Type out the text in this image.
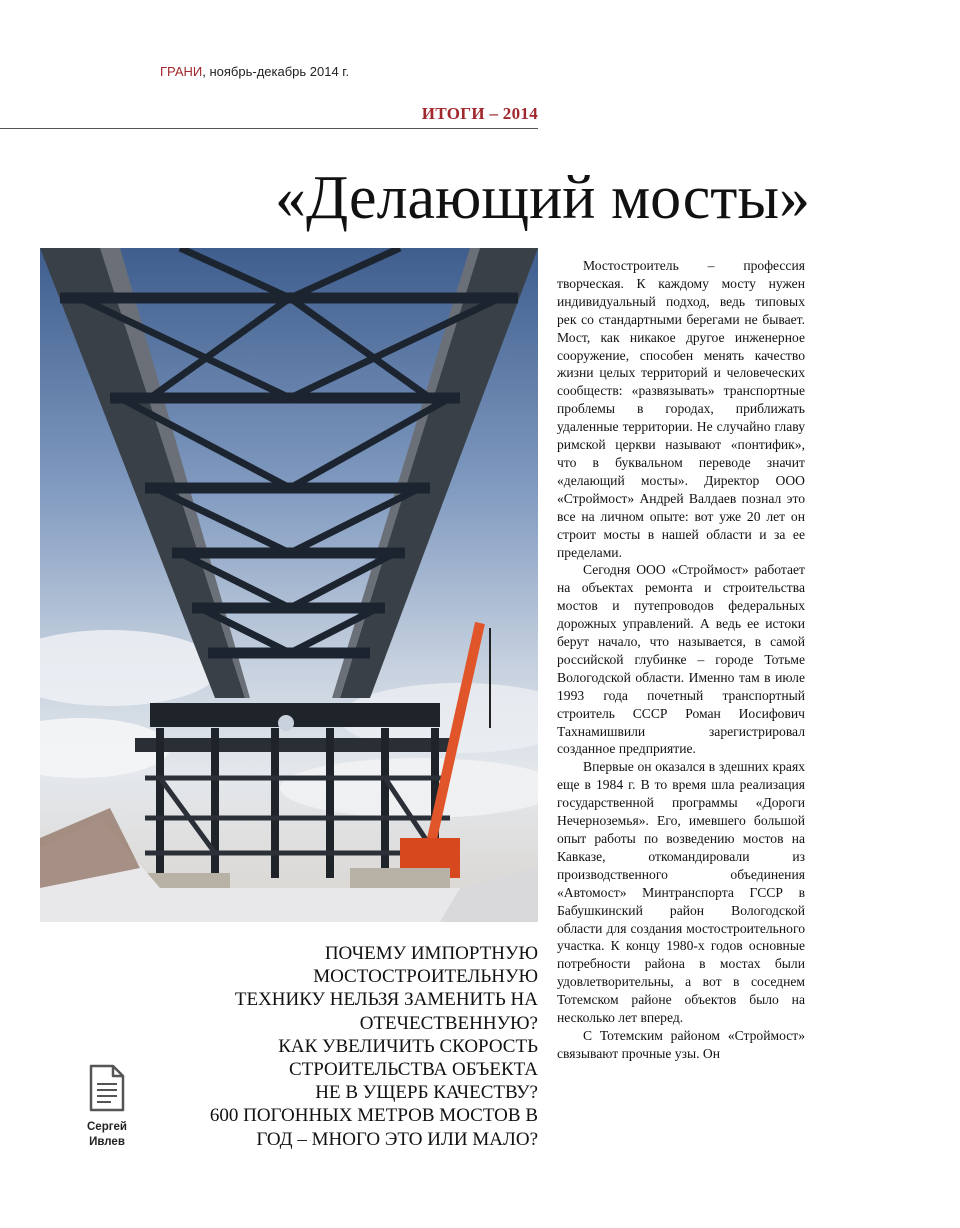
ГРАНИ, ноябрь-декабрь 2014 г.
ИТОГИ – 2014
«Делающий мосты»

Мостостроитель – профессия творческая. К каждому мосту нужен индивидуальный подход, ведь типовых рек со стандартными берегами не бывает. Мост, как никакое другое инженерное сооружение, способен менять качество жизни целых территорий и человеческих сообществ: «развязывать» транспортные проблемы в городах, приближать удаленные территории. Не случайно главу римской церкви называют «понтифик», что в буквальном переводе значит «делающий мосты». Директор ООО «Строймост» Андрей Валдаев познал это все на личном опыте: вот уже 20 лет он строит мосты в нашей области и за ее пределами.

Сегодня ООО «Строймост» работает на объектах ремонта и строительства мостов и путепроводов федеральных дорожных управлений. А ведь ее истоки берут начало, что называется, в самой российской глубинке – городе Тотьме Вологодской области. Именно там в июле 1993 года почетный транспортный строитель СССР Роман Иосифович Тахнамишвили зарегистрировал созданное предприятие.

Впервые он оказался в здешних краях еще в 1984 г. В то время шла реализация государственной программы «Дороги Нечерноземья». Его, имевшего большой опыт работы по возведению мостов на Кавказе, откомандировали из производственного объединения «Автомост» Минтранспорта ГССР в Бабушкинский район Вологодской области для создания мостостроительного участка. К концу 1980-х годов основные потребности района в мостах были удовлетворительны, а вот в соседнем Тотемском районе объектов было на несколько лет вперед.

С Тотемским районом «Строймост» связывают прочные узы. Он

ПОЧЕМУ ИМПОРТНУЮ
МОСТОСТРОИТЕЛЬНУЮ
ТЕХНИКУ НЕЛЬЗЯ ЗАМЕНИТЬ НА
ОТЕЧЕСТВЕННУЮ?
КАК УВЕЛИЧИТЬ СКОРОСТЬ
СТРОИТЕЛЬСТВА ОБЪЕКТА
НЕ В УЩЕРБ КАЧЕСТВУ?
600 ПОГОННЫХ МЕТРОВ МОСТОВ В
ГОД – МНОГО ЭТО ИЛИ МАЛО?
Сергей
Ивлев
